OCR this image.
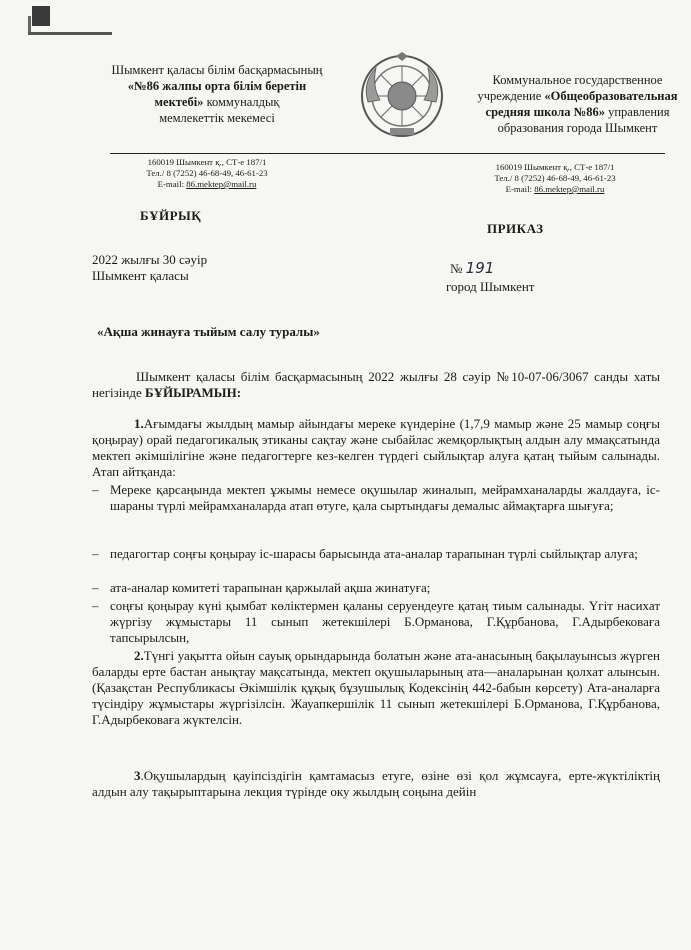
Шымкент қаласы білім басқармасының
«№86 жалпы орта білім беретін
мектебі» коммуналдық
мемлекеттік мекемесі
Коммунальное государственное
учреждение «Общеобразовательная
средняя школа №86» управления
образования города Шымкент
160019 Шымкент қ., СТ-е 187/1
Тел./ 8 (7252) 46-68-49, 46-61-23
E-mail: 86.mektep@mail.ru
160019 Шымкент қ., СТ-е 187/1
Тел./ 8 (7252) 46-68-49, 46-61-23
E-mail: 86.mektep@mail.ru
БҰЙРЫҚ
ПРИКАЗ
2022 жылғы 30 сәуір
Шымкент қаласы	№ 191
город Шымкент
«Ақша жинауға тыйым салу туралы»
Шымкент қаласы білім басқармасының 2022 жылғы 28 сәуір №10-07-06/3067 санды хаты негізінде БҰЙЫРАМЫН:
1.Ағымдағы жылдың мамыр айындағы мереке күндеріне (1,7,9 мамыр және 25 мамыр соңғы қоңырау) орай педагогикалық этиканы сақтау және сыбайлас жемқорлықтың алдын алу ммақсатында мектеп әкімшілігіне және педагогтерге кез-келген түрдегі сыйлықтар алуға қатаң тыйым салынады. Атап айтқанда:
– Мереке қарсаңында мектеп ұжымы немесе оқушылар жиналып, мейрамханаларды жалдауға, іс-шараны түрлі мейрамханаларда атап өтуге, қала сыртындағы демалыс аймақтарға шығуға;
– педагогтар соңғы қоңырау іс-шарасы барысында ата-аналар тарапынан түрлі сыйлықтар алуға;
– ата-аналар комитеті тарапынан қаржылай ақша жинатуға;
– соңғы қоңырау күні қымбат көліктермен қаланы серуендеуге қатаң тиым салынады. Үгіт насихат жүргізу жұмыстары 11 сынып жетекшілері Б.Орманова, Г.Құрбанова, Г.Адырбековаға тапсырылсын,
2.Түнгі уақытта ойын сауық орындарында болатын және ата-анасының бақылауынсыз жүрген баларды ерте бастан анықтау мақсатында, мектеп оқушыларының ата—аналарынан қолхат алынсын. (Қазақстан Республикасы Әкімшілік құқық бұзушылық Кодексінің 442-бабын көрсету) Ата-аналарға түсіндіру жұмыстары жүргізілсін. Жауапкершілік 11 сынып жетекшілері Б.Орманова, Г.Құрбанова, Г.Адырбековаға жүктелсін.
3.Оқушылардың қауіпсіздігін қамтамасыз етуге, өзіне өзі қол жұмсауға, ерте-жүктіліктің алдын алу тақырыптарына лекция түрінде оку жылдың соңына дейін
